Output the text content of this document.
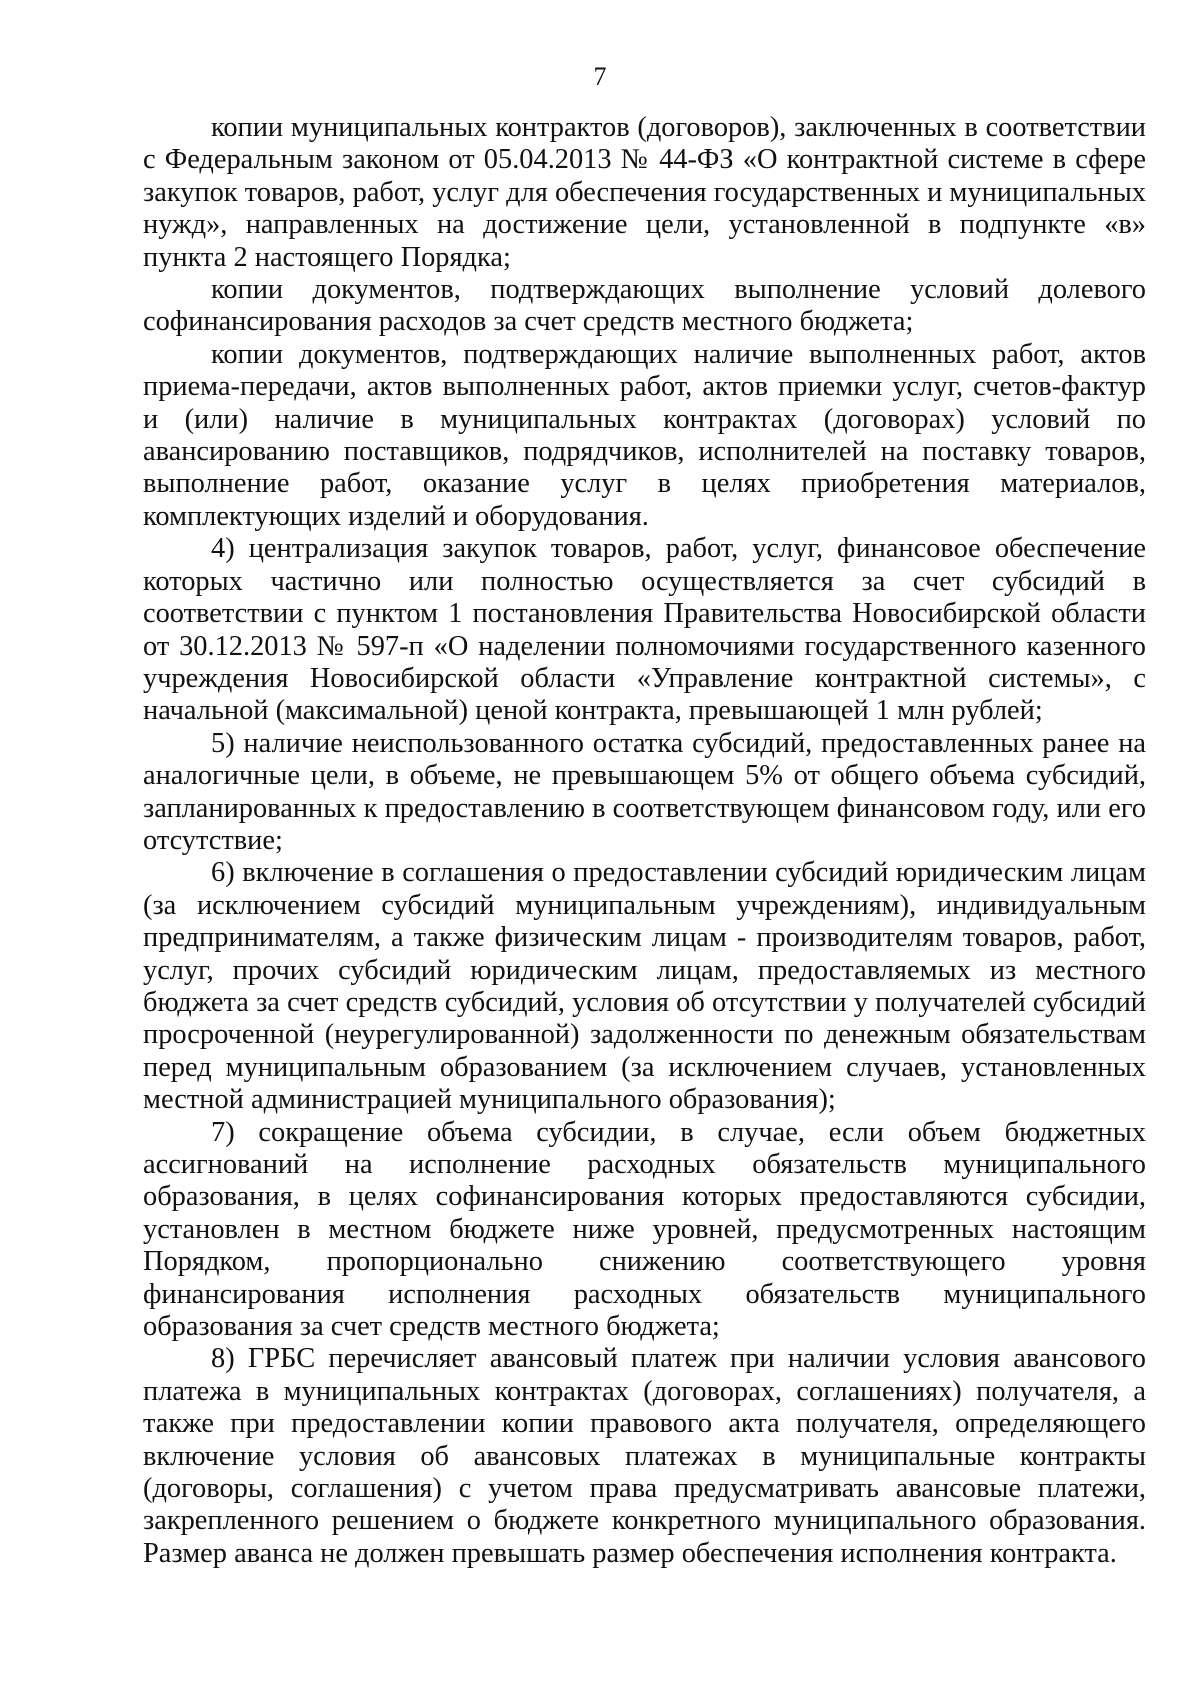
7

копии муниципальных контрактов (договоров), заключенных в соответствии с Федеральным законом от 05.04.2013 № 44-ФЗ «О контрактной системе в сфере закупок товаров, работ, услуг для обеспечения государственных и муниципальных нужд», направленных на достижение цели, установленной в подпункте «в» пункта 2 настоящего Порядка;

копии документов, подтверждающих выполнение условий долевого софинансирования расходов за счет средств местного бюджета;

копии документов, подтверждающих наличие выполненных работ, актов приема-передачи, актов выполненных работ, актов приемки услуг, счетов-фактур и (или) наличие в муниципальных контрактах (договорах) условий по авансированию поставщиков, подрядчиков, исполнителей на поставку товаров, выполнение работ, оказание услуг в целях приобретения материалов, комплектующих изделий и оборудования.

4) централизация закупок товаров, работ, услуг, финансовое обеспечение которых частично или полностью осуществляется за счет субсидий в соответствии с пунктом 1 постановления Правительства Новосибирской области от 30.12.2013 № 597-п «О наделении полномочиями государственного казенного учреждения Новосибирской области «Управление контрактной системы», с начальной (максимальной) ценой контракта, превышающей 1 млн рублей;

5) наличие неиспользованного остатка субсидий, предоставленных ранее на аналогичные цели, в объеме, не превышающем 5% от общего объема субсидий, запланированных к предоставлению в соответствующем финансовом году, или его отсутствие;

6) включение в соглашения о предоставлении субсидий юридическим лицам (за исключением субсидий муниципальным учреждениям), индивидуальным предпринимателям, а также физическим лицам - производителям товаров, работ, услуг, прочих субсидий юридическим лицам, предоставляемых из местного бюджета за счет средств субсидий, условия об отсутствии у получателей субсидий просроченной (неурегулированной) задолженности по денежным обязательствам перед муниципальным образованием (за исключением случаев, установленных местной администрацией муниципального образования);

7) сокращение объема субсидии, в случае, если объем бюджетных ассигнований на исполнение расходных обязательств муниципального образования, в целях софинансирования которых предоставляются субсидии, установлен в местном бюджете ниже уровней, предусмотренных настоящим Порядком, пропорционально снижению соответствующего уровня финансирования исполнения расходных обязательств муниципального образования за счет средств местного бюджета;

8) ГРБС перечисляет авансовый платеж при наличии условия авансового платежа в муниципальных контрактах (договорах, соглашениях) получателя, а также при предоставлении копии правового акта получателя, определяющего включение условия об авансовых платежах в муниципальные контракты (договоры, соглашения) с учетом права предусматривать авансовые платежи, закрепленного решением о бюджете конкретного муниципального образования. Размер аванса не должен превышать размер обеспечения исполнения контракта.
